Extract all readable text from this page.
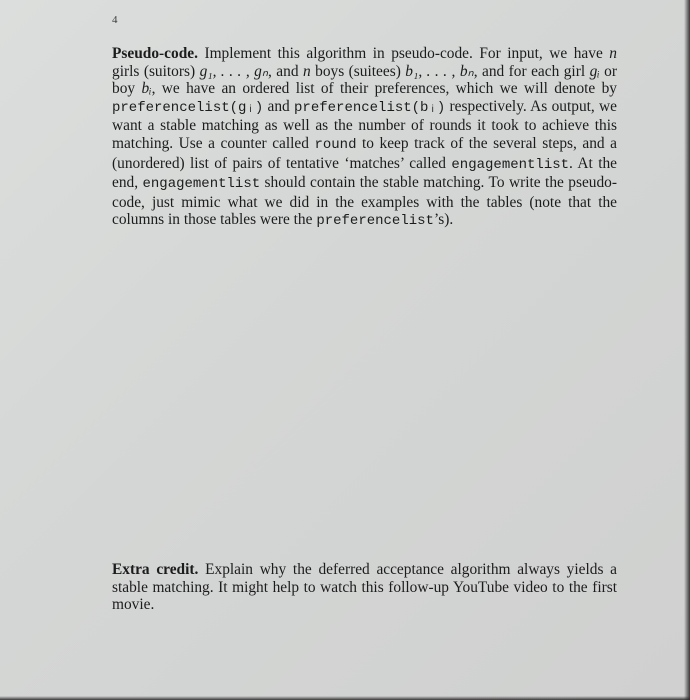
4
Pseudo-code. Implement this algorithm in pseudo-code. For input, we have n girls (suitors) g₁, . . . , gₙ, and n boys (suitees) b₁, . . . , bₙ, and for each girl gᵢ or boy bᵢ, we have an ordered list of their preferences, which we will denote by preferencelist(gᵢ) and preferencelist(bᵢ) respectively. As output, we want a stable matching as well as the number of rounds it took to achieve this matching. Use a counter called round to keep track of the several steps, and a (unordered) list of pairs of tentative ‘matches’ called engagementlist. At the end, engagementlist should contain the stable matching. To write the pseudo-code, just mimic what we did in the examples with the tables (note that the columns in those tables were the preferencelist’s).
Extra credit. Explain why the deferred acceptance algorithm always yields a stable matching. It might help to watch this follow-up YouTube video to the first movie.
